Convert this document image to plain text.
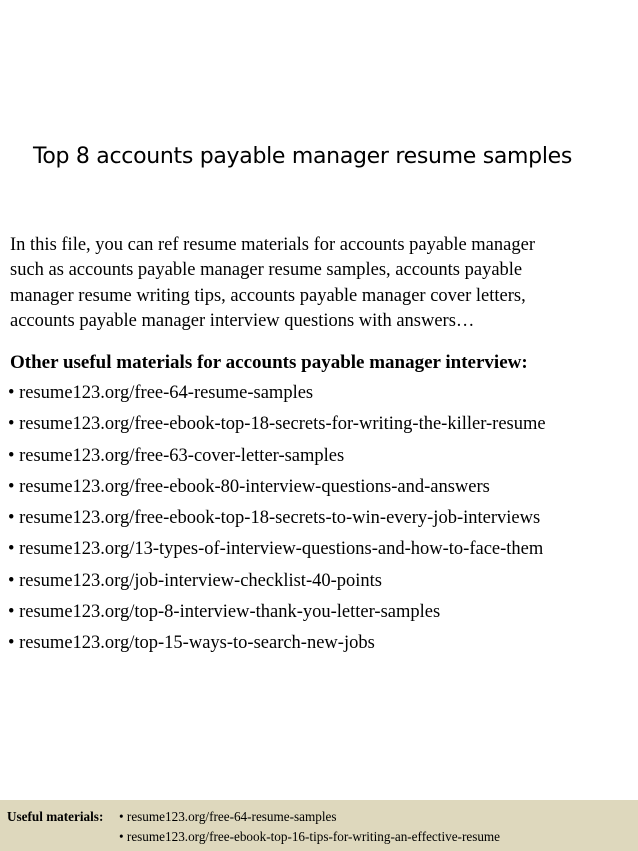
Top 8 accounts payable manager resume samples

In this file, you can ref resume materials for accounts payable manager
such as accounts payable manager resume samples, accounts payable
manager resume writing tips, accounts payable manager cover letters,
accounts payable manager interview questions with answers…

Other useful materials for accounts payable manager interview:
• resume123.org/free-64-resume-samples
• resume123.org/free-ebook-top-18-secrets-for-writing-the-killer-resume
• resume123.org/free-63-cover-letter-samples
• resume123.org/free-ebook-80-interview-questions-and-answers
• resume123.org/free-ebook-top-18-secrets-to-win-every-job-interviews
• resume123.org/13-types-of-interview-questions-and-how-to-face-them
• resume123.org/job-interview-checklist-40-points
• resume123.org/top-8-interview-thank-you-letter-samples
• resume123.org/top-15-ways-to-search-new-jobs
Useful materials: • resume123.org/free-64-resume-samples
• resume123.org/free-ebook-top-16-tips-for-writing-an-effective-resume
